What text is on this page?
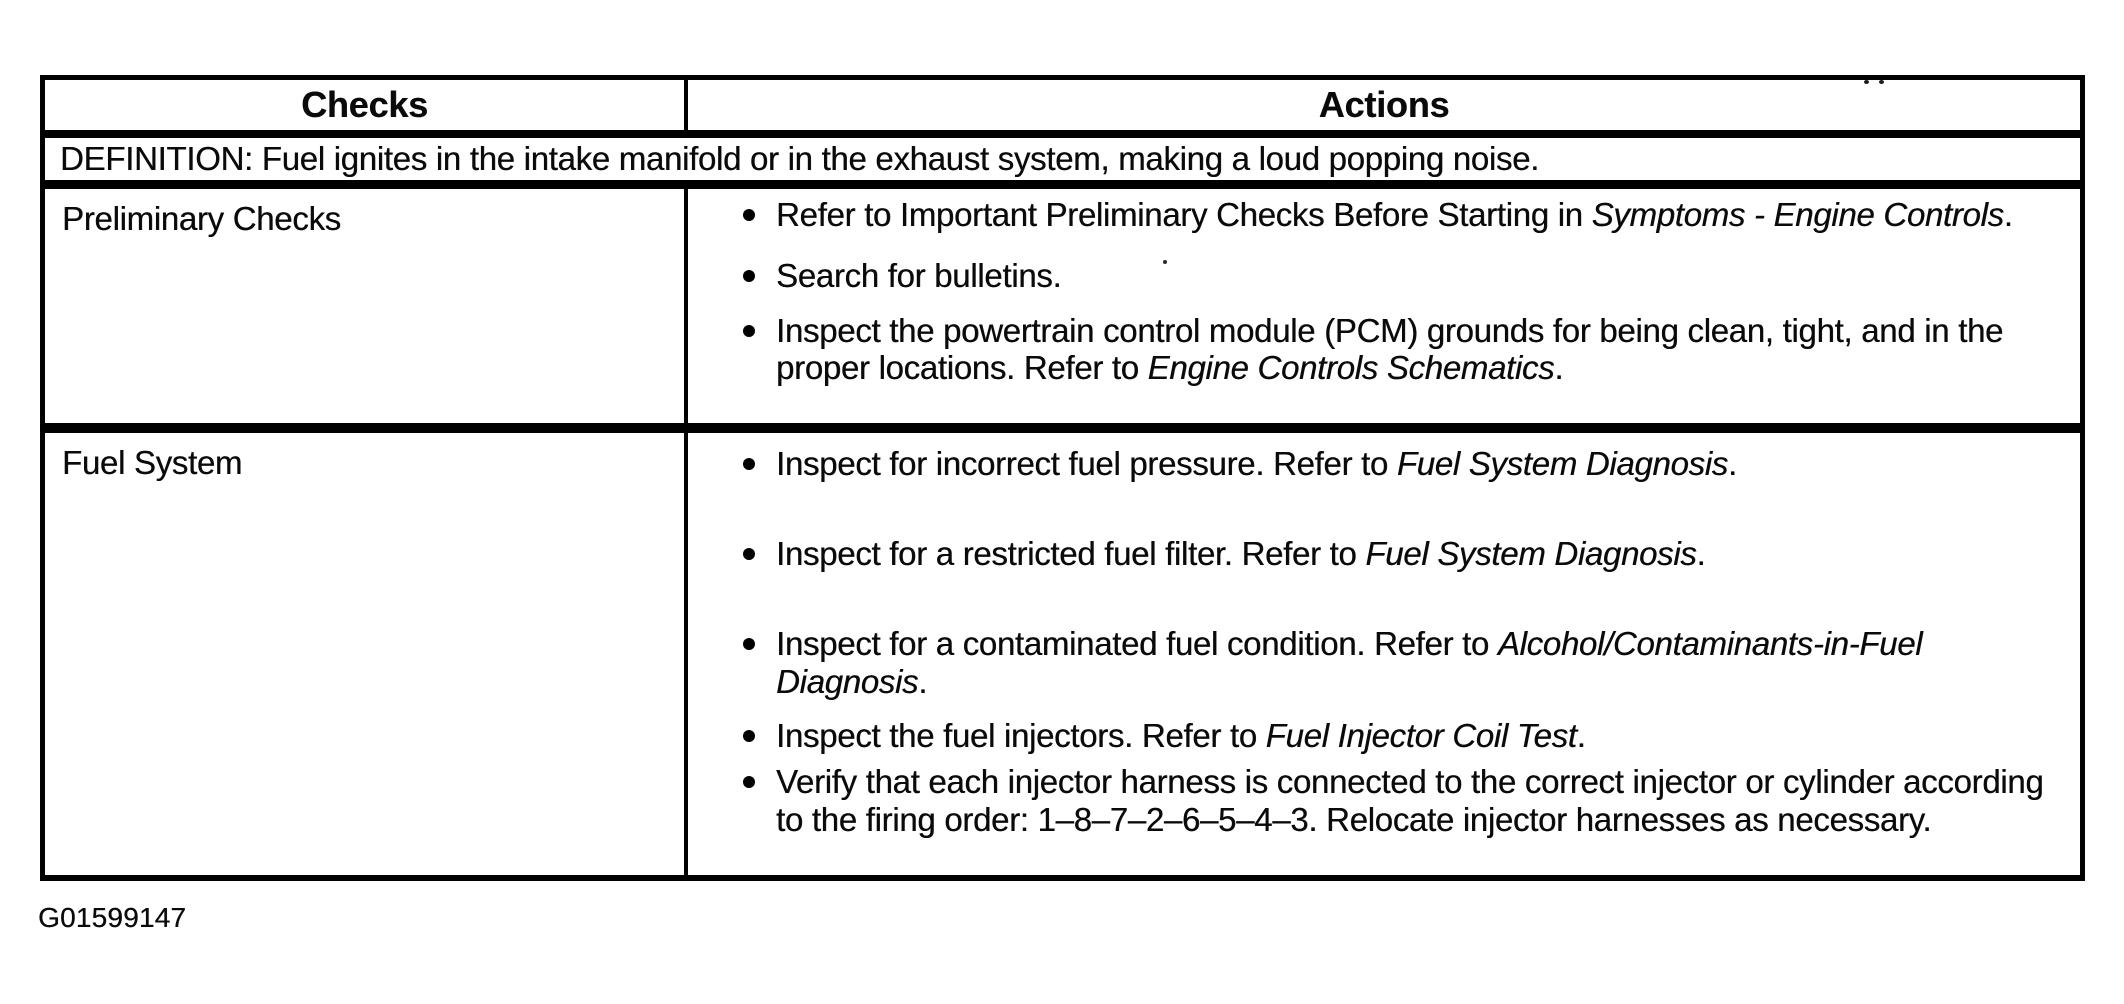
Checks	Actions
DEFINITION: Fuel ignites in the intake manifold or in the exhaust system, making a loud popping noise.
Preliminary Checks	Refer to Important Preliminary Checks Before Starting in Symptoms - Engine Controls.
Search for bulletins.
Inspect the powertrain control module (PCM) grounds for being clean, tight, and in the proper locations. Refer to Engine Controls Schematics.
Fuel System	Inspect for incorrect fuel pressure. Refer to Fuel System Diagnosis.
Inspect for a restricted fuel filter. Refer to Fuel System Diagnosis.
Inspect for a contaminated fuel condition. Refer to Alcohol/Contaminants-in-Fuel Diagnosis.
Inspect the fuel injectors. Refer to Fuel Injector Coil Test.
Verify that each injector harness is connected to the correct injector or cylinder according to the firing order: 1–8–7–2–6–5–4–3. Relocate injector harnesses as necessary.
G01599147
